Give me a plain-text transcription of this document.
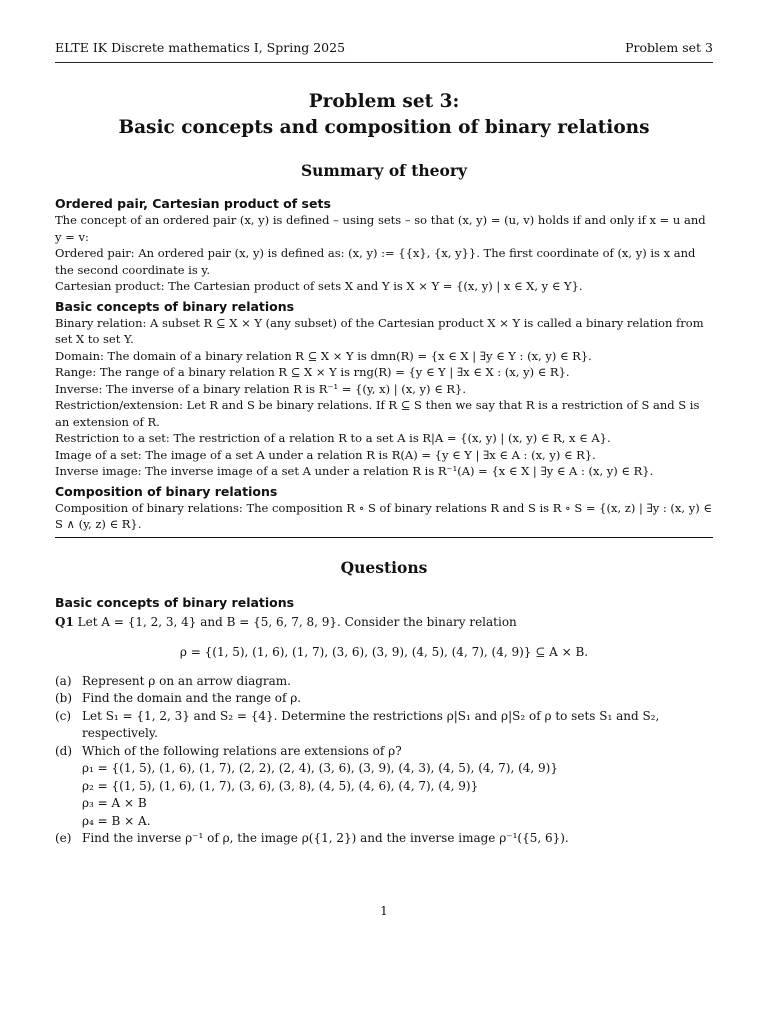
ELTE IK Discrete mathematics I, Spring 2025	Problem set 3
Problem set 3:
Basic concepts and composition of binary relations
Summary of theory
Ordered pair, Cartesian product of sets
The concept of an ordered pair (x, y) is defined – using sets – so that (x, y) = (u, v) holds if and only if x = u and y = v:
Ordered pair: An ordered pair (x, y) is defined as: (x, y) := {{x}, {x, y}}. The first coordinate of (x, y) is x and the second coordinate is y.
Cartesian product: The Cartesian product of sets X and Y is X × Y = {(x, y) | x ∈ X, y ∈ Y}.
Basic concepts of binary relations
Binary relation: A subset R ⊆ X × Y (any subset) of the Cartesian product X × Y is called a binary relation from set X to set Y.
Domain: The domain of a binary relation R ⊆ X × Y is dmn(R) = {x ∈ X | ∃y ∈ Y : (x, y) ∈ R}.
Range: The range of a binary relation R ⊆ X × Y is rng(R) = {y ∈ Y | ∃x ∈ X : (x, y) ∈ R}.
Inverse: The inverse of a binary relation R is R⁻¹ = {(y, x) | (x, y) ∈ R}.
Restriction/extension: Let R and S be binary relations. If R ⊆ S then we say that R is a restriction of S and S is an extension of R.
Restriction to a set: The restriction of a relation R to a set A is R|A = {(x, y) | (x, y) ∈ R, x ∈ A}.
Image of a set: The image of a set A under a relation R is R(A) = {y ∈ Y | ∃x ∈ A : (x, y) ∈ R}.
Inverse image: The inverse image of a set A under a relation R is R⁻¹(A) = {x ∈ X | ∃y ∈ A : (x, y) ∈ R}.
Composition of binary relations
Composition of binary relations: The composition R ∘ S of binary relations R and S is R ∘ S = {(x, z) | ∃y : (x, y) ∈ S ∧ (y, z) ∈ R}.
Questions
Basic concepts of binary relations
Q1 Let A = {1, 2, 3, 4} and B = {5, 6, 7, 8, 9}. Consider the binary relation
ρ = {(1, 5), (1, 6), (1, 7), (3, 6), (3, 9), (4, 5), (4, 7), (4, 9)} ⊆ A × B.
(a) Represent ρ on an arrow diagram.
(b) Find the domain and the range of ρ.
(c) Let S₁ = {1, 2, 3} and S₂ = {4}. Determine the restrictions ρ|S₁ and ρ|S₂ of ρ to sets S₁ and S₂, respectively.
(d) Which of the following relations are extensions of ρ?
ρ₁ = {(1, 5), (1, 6), (1, 7), (2, 2), (2, 4), (3, 6), (3, 9), (4, 3), (4, 5), (4, 7), (4, 9)}
ρ₂ = {(1, 5), (1, 6), (1, 7), (3, 6), (3, 8), (4, 5), (4, 6), (4, 7), (4, 9)}
ρ₃ = A × B
ρ₄ = B × A.
(e) Find the inverse ρ⁻¹ of ρ, the image ρ({1, 2}) and the inverse image ρ⁻¹({5, 6}).
1
